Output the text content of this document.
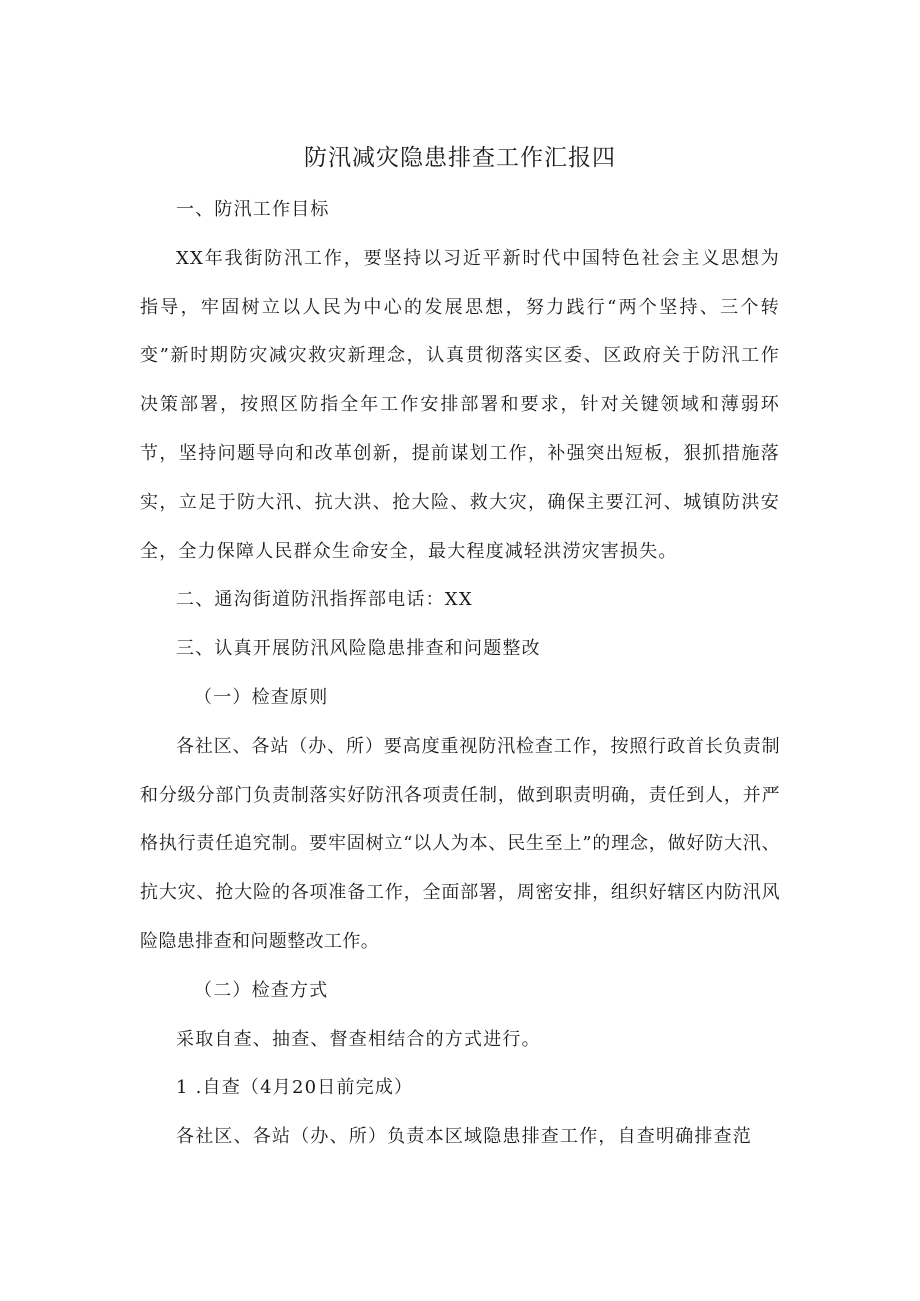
防汛减灾隐患排查工作汇报四

一、防汛工作目标

XX年我街防汛工作，要坚持以习近平新时代中国特色社会主义思想为指导，牢固树立以人民为中心的发展思想，努力践行“两个坚持、三个转变”新时期防灾减灾救灾新理念，认真贯彻落实区委、区政府关于防汛工作决策部署，按照区防指全年工作安排部署和要求，针对关键领域和薄弱环节，坚持问题导向和改革创新，提前谋划工作，补强突出短板，狠抓措施落实，立足于防大汛、抗大洪、抢大险、救大灾，确保主要江河、城镇防洪安全，全力保障人民群众生命安全，最大程度减轻洪涝灾害损失。

二、通沟街道防汛指挥部电话：XX

三、认真开展防汛风险隐患排查和问题整改

（一）检查原则

各社区、各站（办、所）要高度重视防汛检查工作，按照行政首长负责制和分级分部门负责制落实好防汛各项责任制，做到职责明确，责任到人，并严格执行责任追究制。要牢固树立“以人为本、民生至上”的理念，做好防大汛、抗大灾、抢大险的各项准备工作，全面部署，周密安排，组织好辖区内防汛风险隐患排查和问题整改工作。

（二）检查方式

采取自查、抽查、督查相结合的方式进行。

1 .自查（4月20日前完成）

各社区、各站（办、所）负责本区域隐患排查工作，自查明确排查范
